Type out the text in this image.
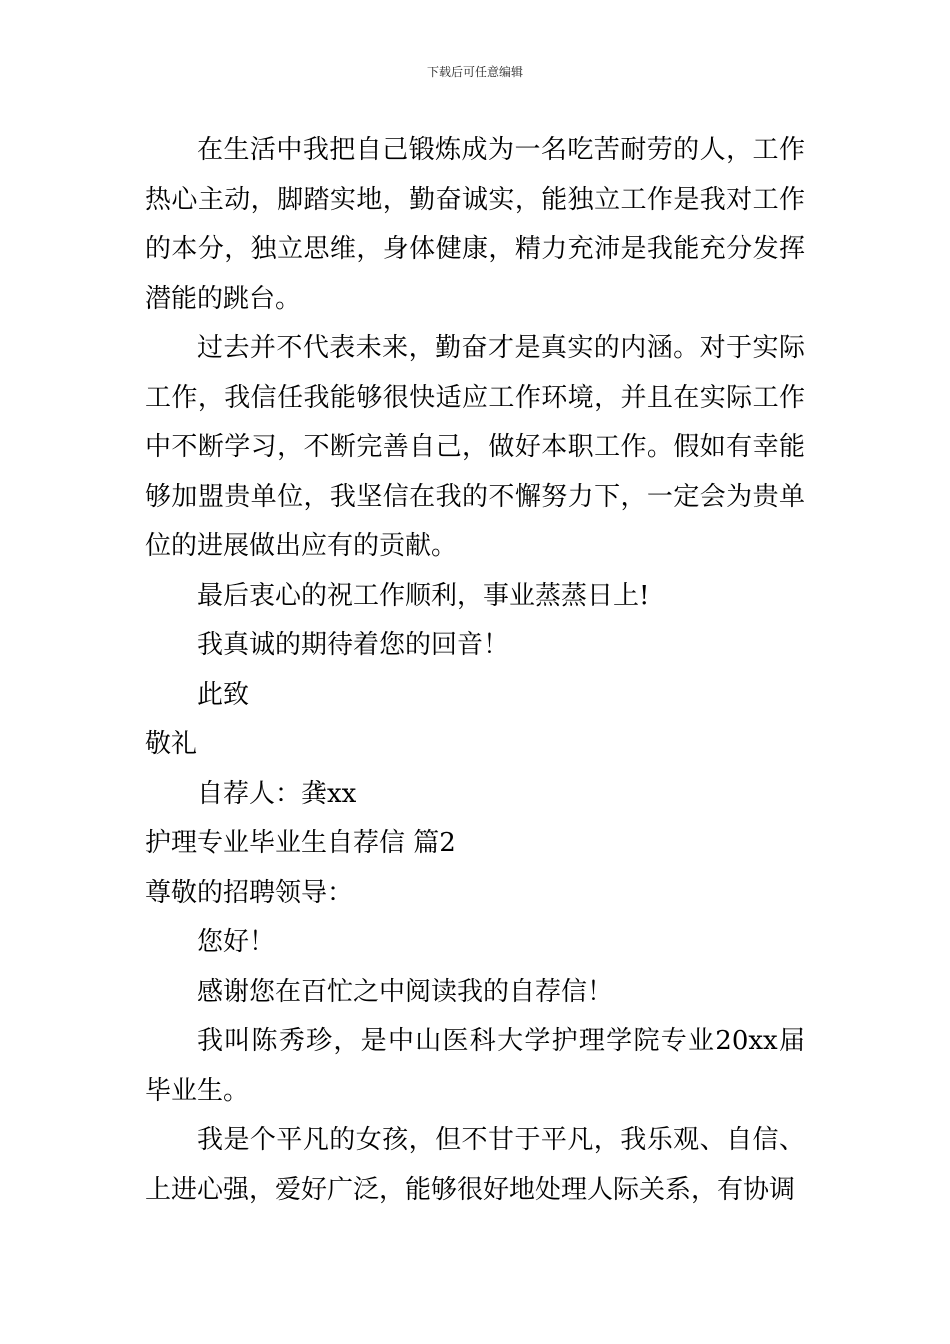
下载后可任意编辑

在生活中我把自己锻炼成为一名吃苦耐劳的人，工作热心主动，脚踏实地，勤奋诚实，能独立工作是我对工作的本分，独立思维，身体健康，精力充沛是我能充分发挥潜能的跳台。

过去并不代表未来，勤奋才是真实的内涵。对于实际工作，我信任我能够很快适应工作环境，并且在实际工作中不断学习，不断完善自己，做好本职工作。假如有幸能够加盟贵单位，我坚信在我的不懈努力下，一定会为贵单位的进展做出应有的贡献。

最后衷心的祝工作顺利，事业蒸蒸日上!

我真诚的期待着您的回音！

此致

敬礼

自荐人：龚xx

护理专业毕业生自荐信 篇2

尊敬的招聘领导：

您好！

感谢您在百忙之中阅读我的自荐信！

我叫陈秀珍，是中山医科大学护理学院专业20xx届毕业生。

我是个平凡的女孩，但不甘于平凡，我乐观、自信、上进心强，爱好广泛，能够很好地处理人际关系，有协调
